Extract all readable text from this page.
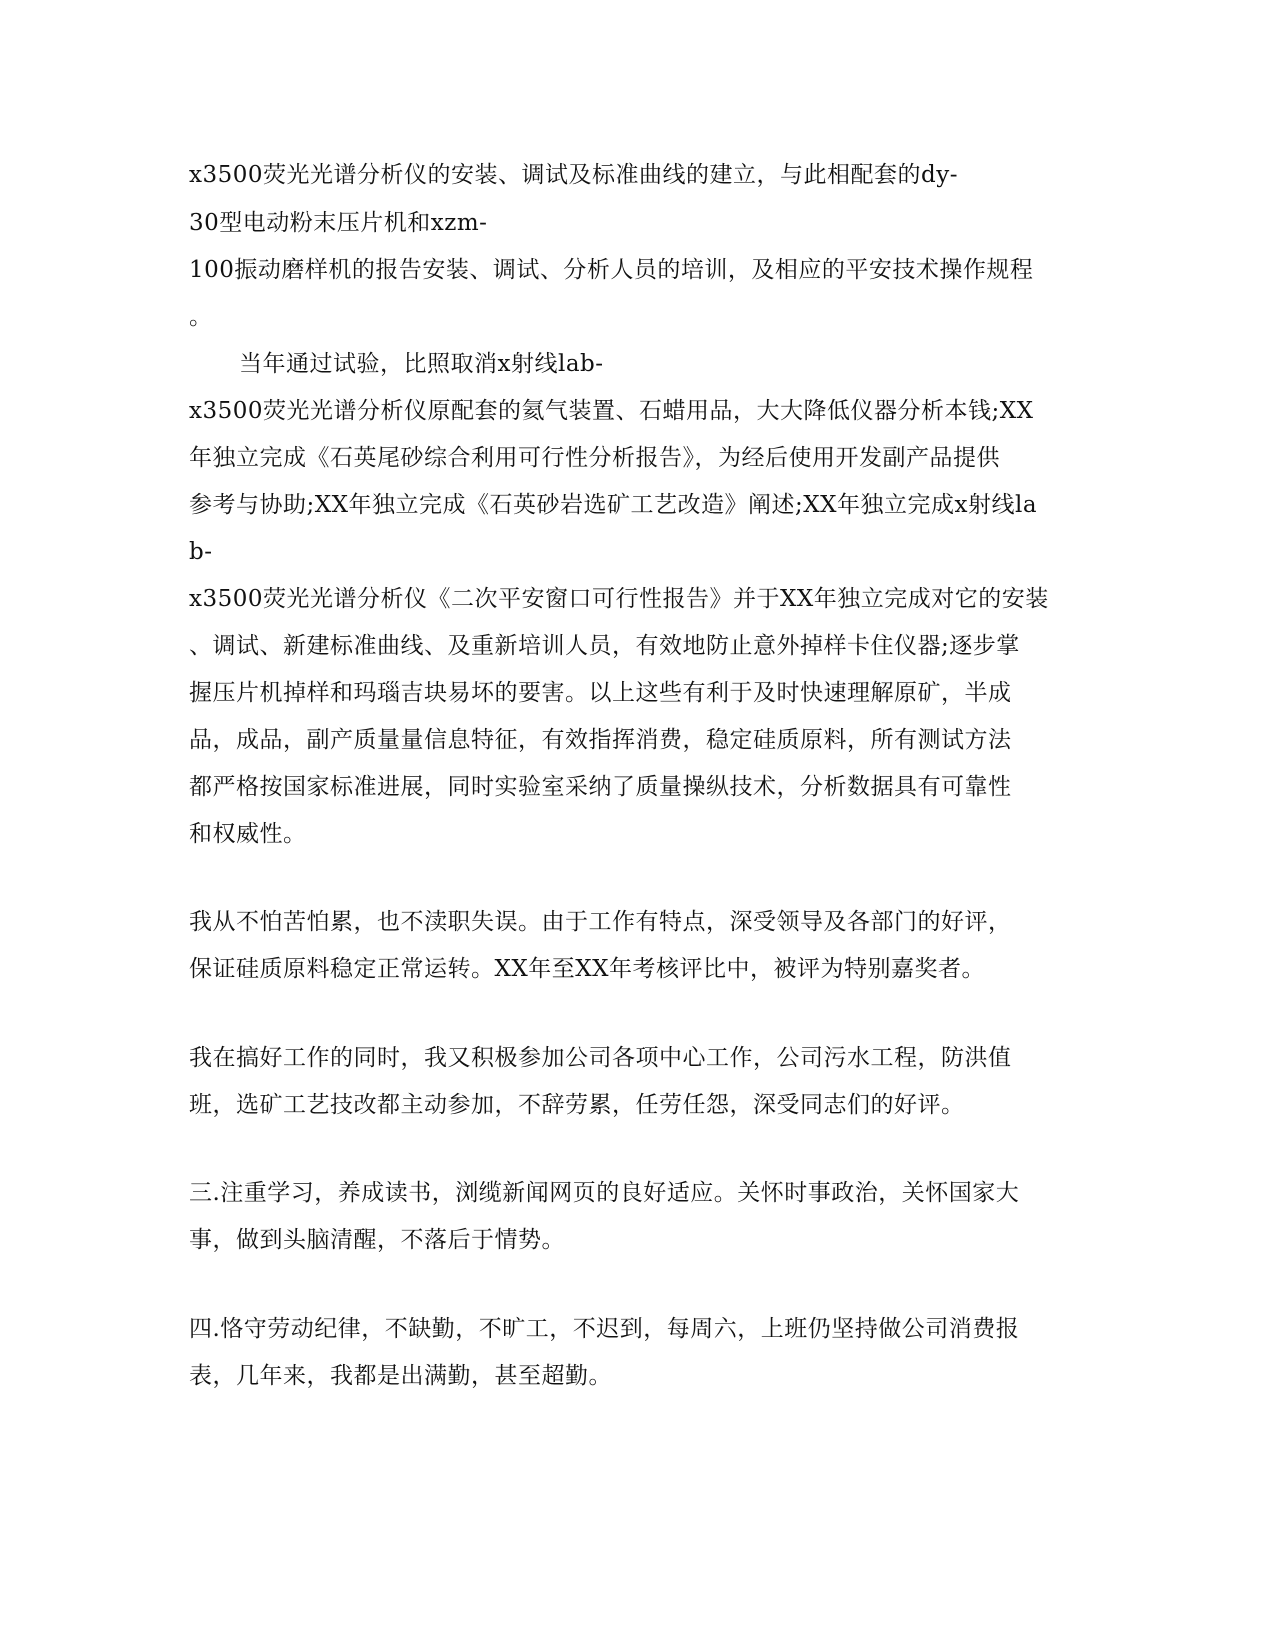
x3500荧光光谱分析仪的安装、调试及标准曲线的建立，与此相配套的dy-
30型电动粉末压片机和xzm-
100振动磨样机的报告安装、调试、分析人员的培训，及相应的平安技术操作规程
。
当年通过试验，比照取消x射线lab-
x3500荧光光谱分析仪原配套的氦气装置、石蜡用品，大大降低仪器分析本钱;XX
年独立完成《石英尾砂综合利用可行性分析报告》，为经后使用开发副产品提供
参考与协助;XX年独立完成《石英砂岩选矿工艺改造》阐述;XX年独立完成x射线la
b-
x3500荧光光谱分析仪《二次平安窗口可行性报告》并于XX年独立完成对它的安装
、调试、新建标准曲线、及重新培训人员，有效地防止意外掉样卡住仪器;逐步掌
握压片机掉样和玛瑙吉块易坏的要害。以上这些有利于及时快速理解原矿，半成
品，成品，副产质量量信息特征，有效指挥消费，稳定硅质原料，所有测试方法
都严格按国家标准进展，同时实验室采纳了质量操纵技术，分析数据具有可靠性
和权威性。
我从不怕苦怕累，也不渎职失误。由于工作有特点，深受领导及各部门的好评，
保证硅质原料稳定正常运转。XX年至XX年考核评比中，被评为特别嘉奖者。
我在搞好工作的同时，我又积极参加公司各项中心工作，公司污水工程，防洪值
班，选矿工艺技改都主动参加，不辞劳累，任劳任怨，深受同志们的好评。
三.注重学习，养成读书，浏缆新闻网页的良好适应。关怀时事政治，关怀国家大
事，做到头脑清醒，不落后于情势。
四.恪守劳动纪律，不缺勤，不旷工，不迟到，每周六，上班仍坚持做公司消费报
表，几年来，我都是出满勤，甚至超勤。
